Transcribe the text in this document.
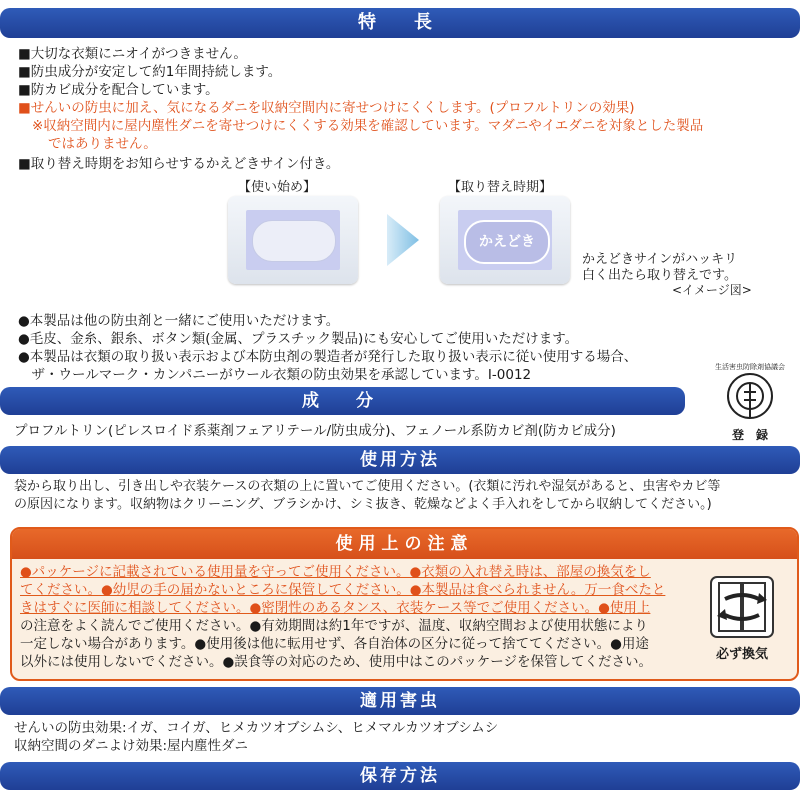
特　長
■大切な衣類にニオイがつきません。
■防虫成分が安定して約1年間持続します。
■防カビ成分を配合しています。
■せんいの防虫に加え、気になるダニを収納空間内に寄せつけにくくします。(プロフルトリンの効果)
※収納空間内に屋内塵性ダニを寄せつけにくくする効果を確認しています。マダニやイエダニを対象とした製品
ではありません。
■取り替え時期をお知らせするかえどきサイン付き。
【使い始め】	【取り替え時期】
かえどき
かえどきサインがハッキリ
白く出たら取り替えです。
<イメージ図>
●本製品は他の防虫剤と一緒にご使用いただけます。
●毛皮、金糸、銀糸、ボタン類(金属、プラスチック製品)にも安心してご使用いただけます。
●本製品は衣類の取り扱い表示および本防虫剤の製造者が発行した取り扱い表示に従い使用する場合、
　ザ・ウールマーク・カンパニーがウール衣類の防虫効果を承認しています。I-0012
成　分
プロフルトリン(ピレスロイド系薬剤フェアリテール/防虫成分)、フェノール系防カビ剤(防カビ成分)
生活害虫防除剤協議会
登　録
使用方法
袋から取り出し、引き出しや衣装ケースの衣類の上に置いてご使用ください。(衣類に汚れや湿気があると、虫害やカビ等
の原因になります。収納物はクリーニング、ブラシかけ、シミ抜き、乾燥などよく手入れをしてから収納してください。)
使用上の注意
●パッケージに記載されている使用量を守ってご使用ください。●衣類の入れ替え時は、部屋の換気をし
てください。●幼児の手の届かないところに保管してください。●本製品は食べられません。万一食べたと
きはすぐに医師に相談してください。●密閉性のあるタンス、衣装ケース等でご使用ください。●使用上
の注意をよく読んでご使用ください。●有効期間は約1年ですが、温度、収納空間および使用状態により
一定しない場合があります。●使用後は他に転用せず、各自治体の区分に従って捨ててください。●用途
以外には使用しないでください。●誤食等の対応のため、使用中はこのパッケージを保管してください。	必ず換気
適用害虫
せんいの防虫効果:イガ、コイガ、ヒメカツオブシムシ、ヒメマルカツオブシムシ
収納空間のダニよけ効果:屋内塵性ダニ
保存方法
